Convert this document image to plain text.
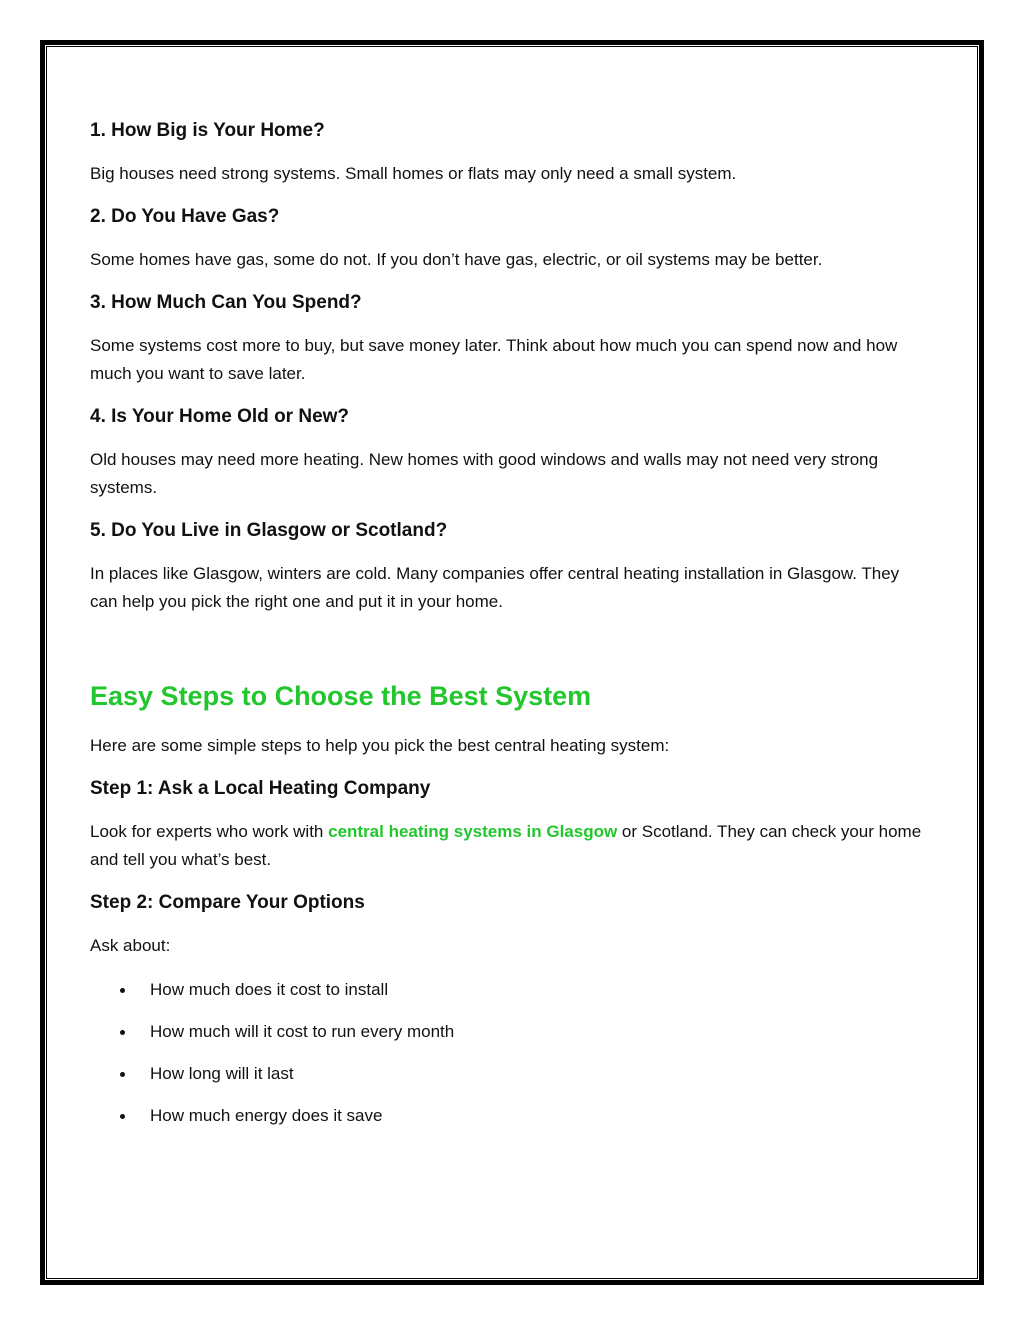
1. How Big is Your Home?

Big houses need strong systems. Small homes or flats may only need a small system.

2. Do You Have Gas?

Some homes have gas, some do not. If you don’t have gas, electric, or oil systems may be better.

3. How Much Can You Spend?

Some systems cost more to buy, but save money later. Think about how much you can spend now and how much you want to save later.

4. Is Your Home Old or New?

Old houses may need more heating. New homes with good windows and walls may not need very strong systems.

5. Do You Live in Glasgow or Scotland?

In places like Glasgow, winters are cold. Many companies offer central heating installation in Glasgow. They can help you pick the right one and put it in your home.

Easy Steps to Choose the Best System

Here are some simple steps to help you pick the best central heating system:

Step 1: Ask a Local Heating Company

Look for experts who work with central heating systems in Glasgow or Scotland. They can check your home and tell you what’s best.

Step 2: Compare Your Options

Ask about:

How much does it cost to install
How much will it cost to run every month
How long will it last
How much energy does it save
